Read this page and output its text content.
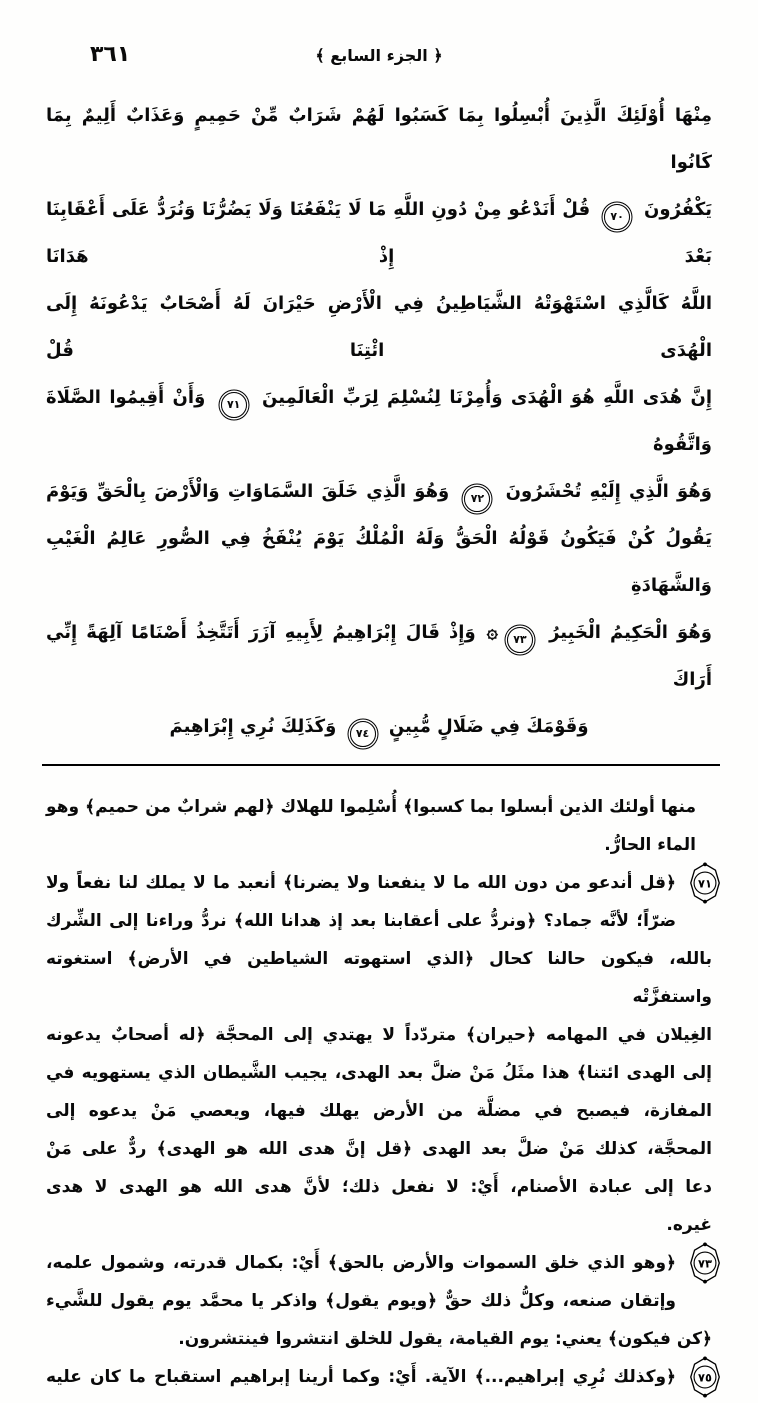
٣٦١	﴿ الجزء السابع ﴾
مِنْهَا أُوْلَئِكَ الَّذِينَ أُبْسِلُوا بِمَا كَسَبُوا لَهُمْ شَرَابٌ مِّنْ حَمِيمٍ وَعَذَابٌ أَلِيمٌ بِمَا كَانُوا
يَكْفُرُونَ ٧٠ قُلْ أَنَدْعُو مِنْ دُونِ اللَّهِ مَا لَا يَنْفَعُنَا وَلَا يَضُرُّنَا وَنُرَدُّ عَلَى أَعْقَابِنَا بَعْدَ إِذْ هَدَانَا
اللَّهُ كَالَّذِي اسْتَهْوَتْهُ الشَّيَاطِينُ فِي الْأَرْضِ حَيْرَانَ لَهُ أَصْحَابٌ يَدْعُونَهُ إِلَى الْهُدَى ائْتِنَا قُلْ
إِنَّ هُدَى اللَّهِ هُوَ الْهُدَى وَأُمِرْنَا لِنُسْلِمَ لِرَبِّ الْعَالَمِينَ ٧١ وَأَنْ أَقِيمُوا الصَّلَاةَ وَاتَّقُوهُ
وَهُوَ الَّذِي إِلَيْهِ تُحْشَرُونَ ٧٢ وَهُوَ الَّذِي خَلَقَ السَّمَاوَاتِ وَالْأَرْضَ بِالْحَقِّ وَيَوْمَ
يَقُولُ كُنْ فَيَكُونُ قَوْلُهُ الْحَقُّ وَلَهُ الْمُلْكُ يَوْمَ يُنْفَخُ فِي الصُّورِ عَالِمُ الْغَيْبِ وَالشَّهَادَةِ
وَهُوَ الْحَكِيمُ الْخَبِيرُ ٧٣۞ وَإِذْ قَالَ إِبْرَاهِيمُ لِأَبِيهِ آزَرَ أَتَتَّخِذُ أَصْنَامًا آلِهَةً إِنِّي أَرَاكَ
وَقَوْمَكَ فِي ضَلَالٍ مُّبِينٍ ٧٤ وَكَذَلِكَ نُرِي إِبْرَاهِيمَ
منها أولئك الذين أبسلوا بما كسبوا﴾ أُسْلِموا للهلاك ﴿لهم شرابٌ من حميم﴾ وهو
الماء الحارُّ.
٧١
﴿قل أندعو من دون الله ما لا ينفعنا ولا يضرنا﴾ أنعبد ما لا يملك لنا نفعاً ولا
ضرّاً؛ لأنَّه جماد؟ ﴿ونردُّ على أعقابنا بعد إذ هدانا الله﴾ نردُّ وراءنا إلى الشِّرك
بالله، فيكون حالنا كحال ﴿الذي استهوته الشياطين في الأرض﴾ استغوته واستفزَّتْه
الغِيلان في المهامه ﴿حيران﴾ متردّداً لا يهتدي إلى المحجَّة ﴿له أصحابٌ يدعونه
إلى الهدى ائتنا﴾ هذا مثَلُ مَنْ ضلَّ بعد الهدى، يجيب الشَّيطان الذي يستهويه في
المفازة، فيصبح في مضلَّة من الأرض يهلك فيها، ويعصي مَنْ يدعوه إلى
المحجَّة، كذلك مَنْ ضلَّ بعد الهدى ﴿قل إنَّ هدى الله هو الهدى﴾ ردٌّ على مَنْ
دعا إلى عبادة الأصنام، أَيْ: لا نفعل ذلك؛ لأنَّ هدى الله هو الهدى لا هدى
غيره.
٧٣
﴿وهو الذي خلق السموات والأرض بالحق﴾ أَيْ: بكمال قدرته، وشمول علمه،
وإتقان صنعه، وكلُّ ذلك حقٌّ ﴿ويوم يقول﴾ واذكر يا محمَّد يوم يقول للشَّيء
﴿كن فيكون﴾ يعني: يوم القيامة، يقول للخلق انتشروا فينتشرون.
٧٥
﴿وكذلك نُرِي إبراهيم...﴾ الآية. أَيْ: وكما أرينا إبراهيم استقباح ما كان عليه
